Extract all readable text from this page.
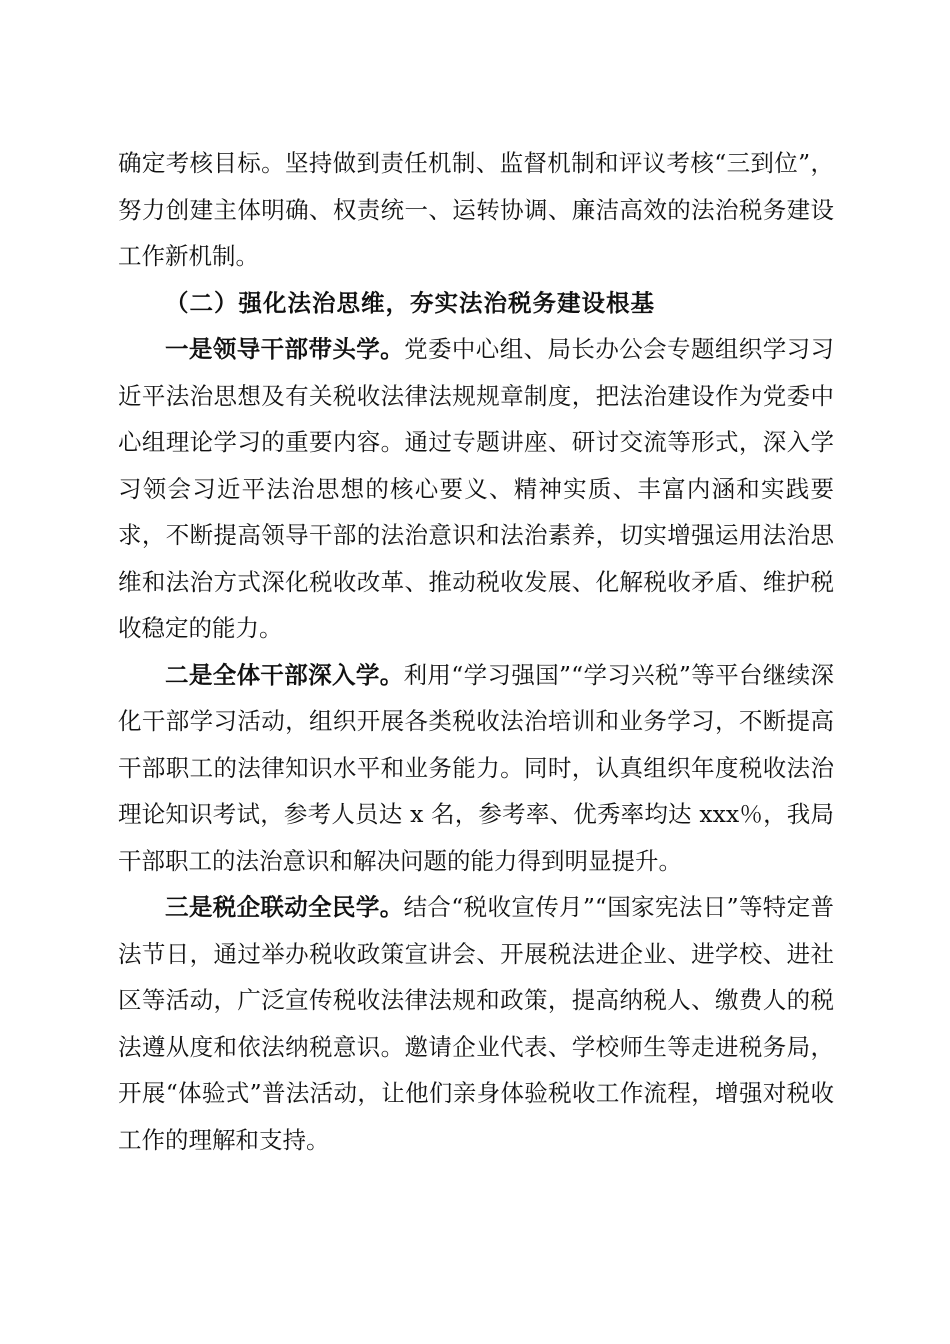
确定考核目标。坚持做到责任机制、监督机制和评议考核“三到位”，努力创建主体明确、权责统一、运转协调、廉洁高效的法治税务建设工作新机制。

（二）强化法治思维，夯实法治税务建设根基

一是领导干部带头学。党委中心组、局长办公会专题组织学习习近平法治思想及有关税收法律法规规章制度，把法治建设作为党委中心组理论学习的重要内容。通过专题讲座、研讨交流等形式，深入学习领会习近平法治思想的核心要义、精神实质、丰富内涵和实践要求，不断提高领导干部的法治意识和法治素养，切实增强运用法治思维和法治方式深化税收改革、推动税收发展、化解税收矛盾、维护税收稳定的能力。

二是全体干部深入学。利用“学习强国”“学习兴税”等平台继续深化干部学习活动，组织开展各类税收法治培训和业务学习，不断提高干部职工的法律知识水平和业务能力。同时，认真组织年度税收法治理论知识考试，参考人员达 x 名，参考率、优秀率均达 xxx％，我局干部职工的法治意识和解决问题的能力得到明显提升。

三是税企联动全民学。结合“税收宣传月”“国家宪法日”等特定普法节日，通过举办税收政策宣讲会、开展税法进企业、进学校、进社区等活动，广泛宣传税收法律法规和政策，提高纳税人、缴费人的税法遵从度和依法纳税意识。邀请企业代表、学校师生等走进税务局，开展“体验式”普法活动，让他们亲身体验税收工作流程，增强对税收工作的理解和支持。
